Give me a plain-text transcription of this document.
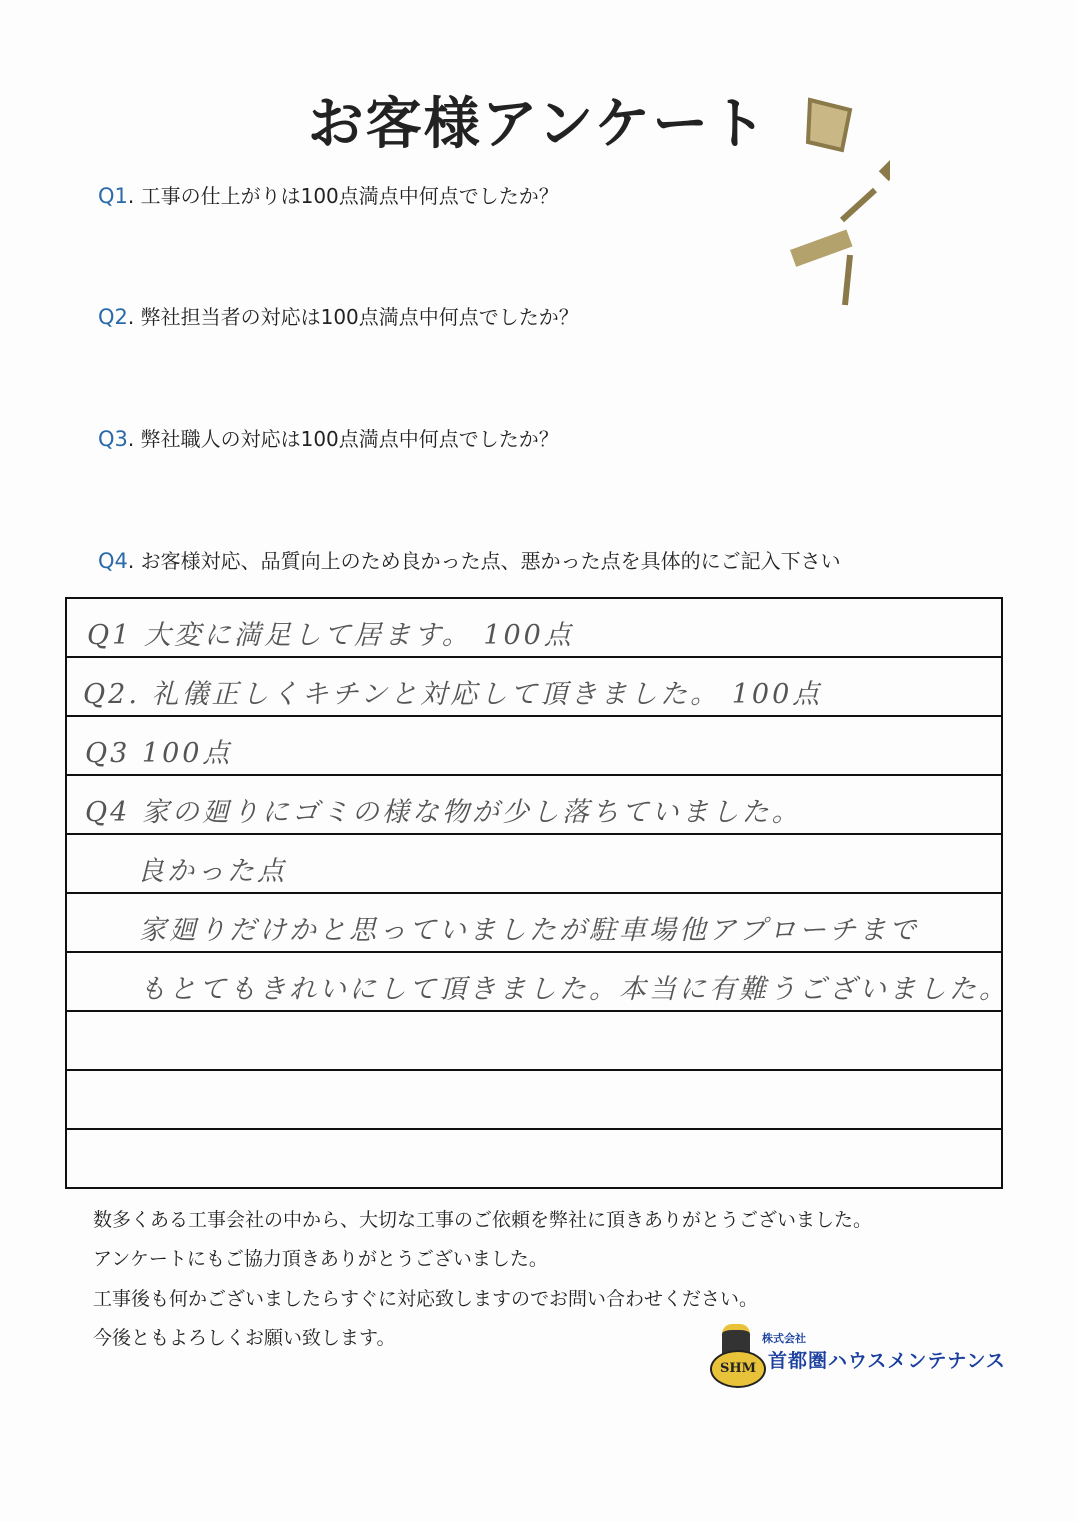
お客様アンケート
Q1. 工事の仕上がりは100点満点中何点でしたか？
Q2. 弊社担当者の対応は100点満点中何点でしたか？
Q3. 弊社職人の対応は100点満点中何点でしたか？
Q4. お客様対応、品質向上のため良かった点、悪かった点を具体的にご記入下さい
Q1 大変に満足して居ます。 100点
Q2. 礼儀正しくキチンと対応して頂きました。 100点
Q3 100点
Q4 家の廻りにゴミの様な物が少し落ちていました。
良かった点
家廻りだけかと思っていましたが駐車場他アプローチまで
もとてもきれいにして頂きました。本当に有難うございました。
数多くある工事会社の中から、大切な工事のご依頼を弊社に頂きありがとうございました。
アンケートにもご協力頂きありがとうございました。
工事後も何かございましたらすぐに対応致しますのでお問い合わせください。
今後ともよろしくお願い致します。
SHM
株式会社
首都圏ハウスメンテナンス
